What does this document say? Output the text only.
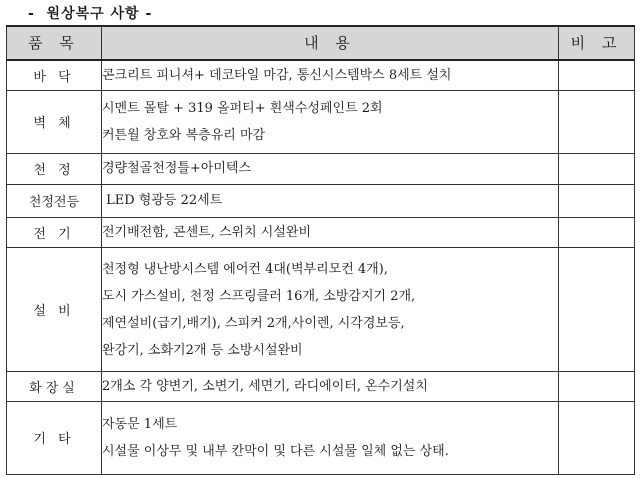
-  원상복구 사항 -
품 목	내 용	비 고
바 닥	콘크리트 피니셔+ 데코타일 마감, 통신시스템박스 8세트 설치	

벽 체	시멘트 몰탈 + 319 올퍼티+ 흰색수성페인트 2회
커튼월 창호와 복층유리 마감	

천 정	경량철골천정틀+아미텍스	

천정전등	LED 형광등 22세트	

전 기	전기배전함, 콘센트, 스위치 시설완비	

설 비	천정형 냉난방시스템 에어컨 4대(벽부리모컨 4개),
도시 가스설비, 천정 스프링클러 16개, 소방감지기 2개,
제연설비(급기,배기), 스피커 2개,사이렌, 시각경보등,
완강기, 소화기2개 등 소방시설완비	

화장실	2개소 각 양변기, 소변기, 세면기, 라디에이터, 온수기설치	

기 타	자동문 1세트
시설물 이상무 및 내부 칸막이 및 다른 시설물 일체 없는 상태.	
